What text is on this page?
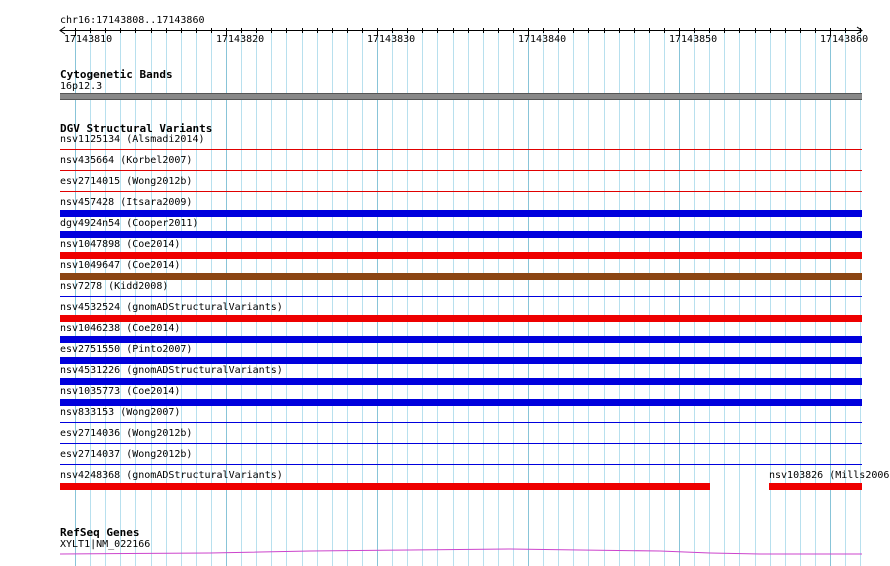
chr16:17143808..17143860
17143810	17143820	17143830	17143840	17143850	17143860
Cytogenetic Bands
16p12.3
DGV Structural Variants
nsv1125134 (Alsmadi2014)
nsv435664 (Korbel2007)
esv2714015 (Wong2012b)
nsv457428 (Itsara2009)
dgv4924n54 (Cooper2011)
nsv1047898 (Coe2014)
nsv1049647 (Coe2014)
nsv7278 (Kidd2008)
nsv4532524 (gnomADStructuralVariants)
nsv1046238 (Coe2014)
esv2751550 (Pinto2007)
nsv4531226 (gnomADStructuralVariants)
nsv1035773 (Coe2014)
nsv833153 (Wong2007)
esv2714036 (Wong2012b)
esv2714037 (Wong2012b)
nsv4248368 (gnomADStructuralVariants)	nsv103826 (Mills2006
RefSeq Genes
XYLT1|NM_022166
